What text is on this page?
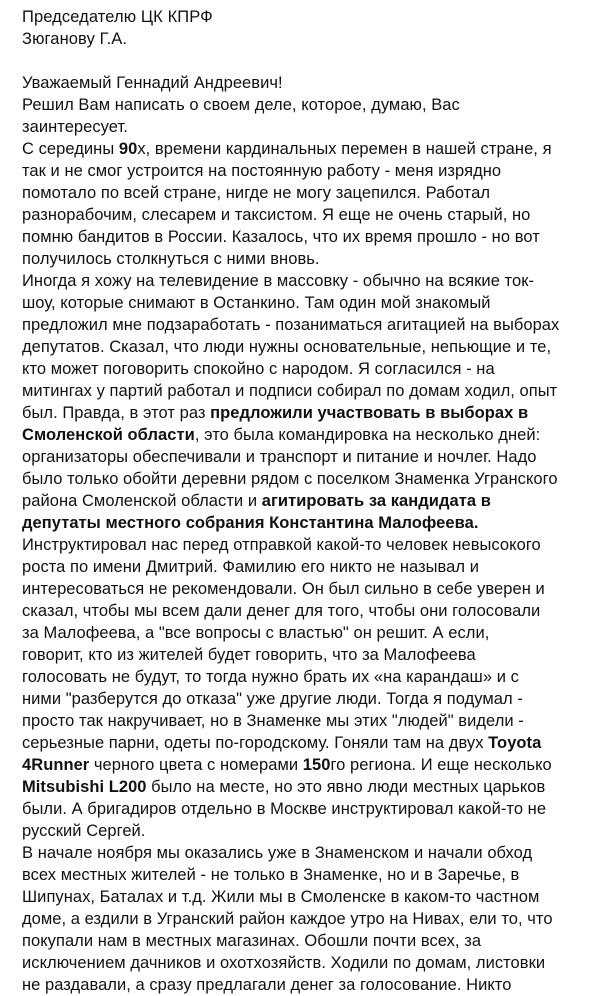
Председателю ЦК КПРФ
Зюганову Г.А.
Уважаемый Геннадий Андреевич!
Решил Вам написать о своем деле, которое, думаю, Вас
заинтересует.
С середины 90х, времени кардинальных перемен в нашей стране, я
так и не смог устроится на постоянную работу - меня изрядно
помотало по всей стране, нигде не могу зацепился. Работал
разнорабочим, слесарем и таксистом. Я еще не очень старый, но
помню бандитов в России. Казалось, что их время прошло - но вот
получилось столкнуться с ними вновь.
Иногда я хожу на телевидение в массовку - обычно на всякие ток-
шоу, которые снимают в Останкино. Там один мой знакомый
предложил мне подзаработать - позаниматься агитацией на выборах
депутатов. Сказал, что люди нужны основательные, непьющие и те,
кто может поговорить спокойно с народом. Я согласился - на
митингах у партий работал и подписи собирал по домам ходил, опыт
был. Правда, в этот раз предложили участвовать в выборах в
Смоленской области, это была командировка на несколько дней:
организаторы обеспечивали и транспорт и питание и ночлег. Надо
было только обойти деревни рядом с поселком Знаменка Угранского
района Смоленской области и агитировать за кандидата в
депутаты местного собрания Константина Малофеева.
Инструктировал нас перед отправкой какой-то человек невысокого
роста по имени Дмитрий. Фамилию его никто не называл и
интересоваться не рекомендовали. Он был сильно в себе уверен и
сказал, чтобы мы всем дали денег для того, чтобы они голосовали
за Малофеева, а "все вопросы с властью" он решит. А если,
говорит, кто из жителей будет говорить, что за Малофеева
голосовать не будут, то тогда нужно брать их «на карандаш» и с
ними "разберутся до отказа" уже другие люди. Тогда я подумал -
просто так накручивает, но в Знаменке мы этих "людей" видели -
серьезные парни, одеты по-городскому. Гоняли там на двух Toyota
4Runner черного цвета с номерами 150го региона. И еще несколько
Mitsubishi L200 было на месте, но это явно люди местных царьков
были. А бригадиров отдельно в Москве инструктировал какой-то не
русский Сергей.
В начале ноября мы оказались уже в Знаменском и начали обход
всех местных жителей - не только в Знаменке, но и в Заречье, в
Шипунах, Баталах и т.д. Жили мы в Смоленске в каком-то частном
доме, а ездили в Угранский район каждое утро на Нивах, ели то, что
покупали нам в местных магазинах. Обошли почти всех, за
исключением дачников и охотхозяйств. Ходили по домам, листовки
не раздавали, а сразу предлагали денег за голосование. Никто
